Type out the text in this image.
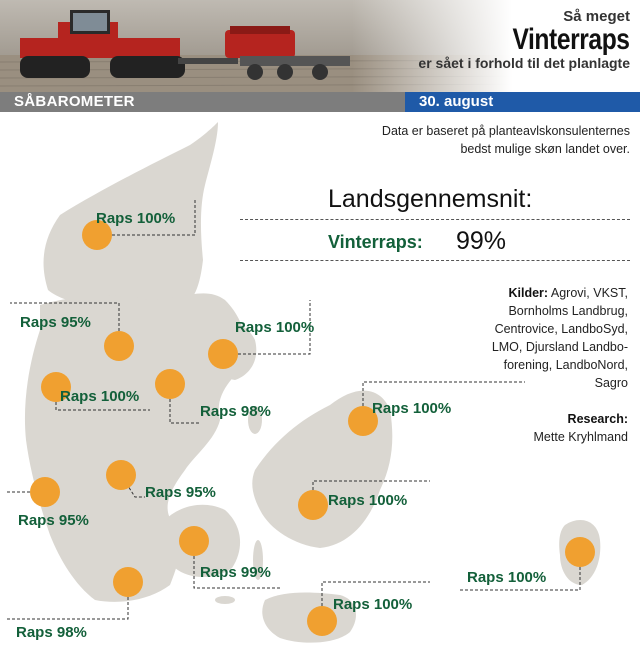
Så meget
Vinterraps
er sået i forhold til det planlagte
SÅBAROMETER	30. august
Raps 100%
Raps 95%	Raps 100%
Raps 100%
Raps 98%	Raps 100%
Raps 95%
Raps 95%
Raps 100%
Raps 99%
Raps 98%
Raps 100%
Raps 100%
Data er baseret på planteavlskonsulenternes
bedst mulige skøn landet over.
Landsgennemsnit:
Vinterraps: 99%
Kilder: Agrovi, VKST,
Bornholms Landbrug,
Centrovice, LandboSyd,
LMO, Djursland Landbo-
forening, LandboNord,
Sagro
Research:
Mette Kryhlmand
